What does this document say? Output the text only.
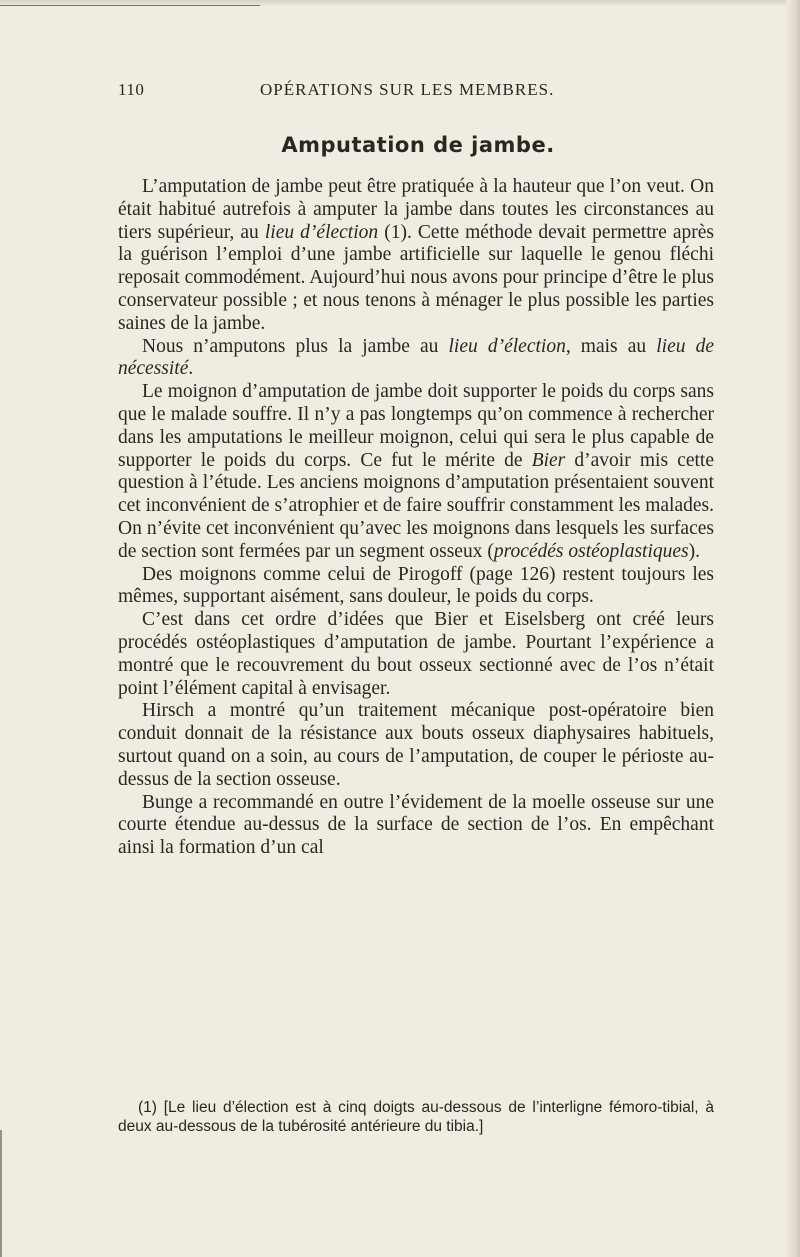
110	OPÉRATIONS SUR LES MEMBRES.
Amputation de jambe.

L’amputation de jambe peut être pratiquée à la hauteur que l’on veut. On était habitué autrefois à amputer la jambe dans toutes les circonstances au tiers supérieur, au lieu d’élection (1). Cette méthode devait permettre après la guérison l’emploi d’une jambe artificielle sur laquelle le genou fléchi reposait commodément. Aujourd’hui nous avons pour principe d’être le plus conservateur possible ; et nous tenons à ménager le plus possible les parties saines de la jambe.

Nous n’amputons plus la jambe au lieu d’élection, mais au lieu de nécessité.

Le moignon d’amputation de jambe doit supporter le poids du corps sans que le malade souffre. Il n’y a pas longtemps qu’on commence à rechercher dans les amputations le meilleur moignon, celui qui sera le plus capable de supporter le poids du corps. Ce fut le mérite de Bier d’avoir mis cette question à l’étude. Les anciens moignons d’amputation présentaient souvent cet inconvénient de s’atrophier et de faire souffrir constamment les malades. On n’évite cet inconvénient qu’avec les moignons dans lesquels les surfaces de section sont fermées par un segment osseux (procédés ostéoplastiques).

Des moignons comme celui de Pirogoff (page 126) restent toujours les mêmes, supportant aisément, sans douleur, le poids du corps.

C’est dans cet ordre d’idées que Bier et Eiselsberg ont créé leurs procédés ostéoplastiques d’amputation de jambe. Pourtant l’expérience a montré que le recouvrement du bout osseux sectionné avec de l’os n’était point l’élément capital à envisager.

Hirsch a montré qu’un traitement mécanique post-opératoire bien conduit donnait de la résistance aux bouts osseux diaphysaires habituels, surtout quand on a soin, au cours de l’amputation, de couper le périoste au-dessus de la section osseuse.

Bunge a recommandé en outre l’évidement de la moelle osseuse sur une courte étendue au-dessus de la surface de section de l’os. En empêchant ainsi la formation d’un cal

(1) [Le lieu d’élection est à cinq doigts au-dessous de l’interligne fémoro-tibial, à deux au-dessous de la tubérosité antérieure du tibia.]
